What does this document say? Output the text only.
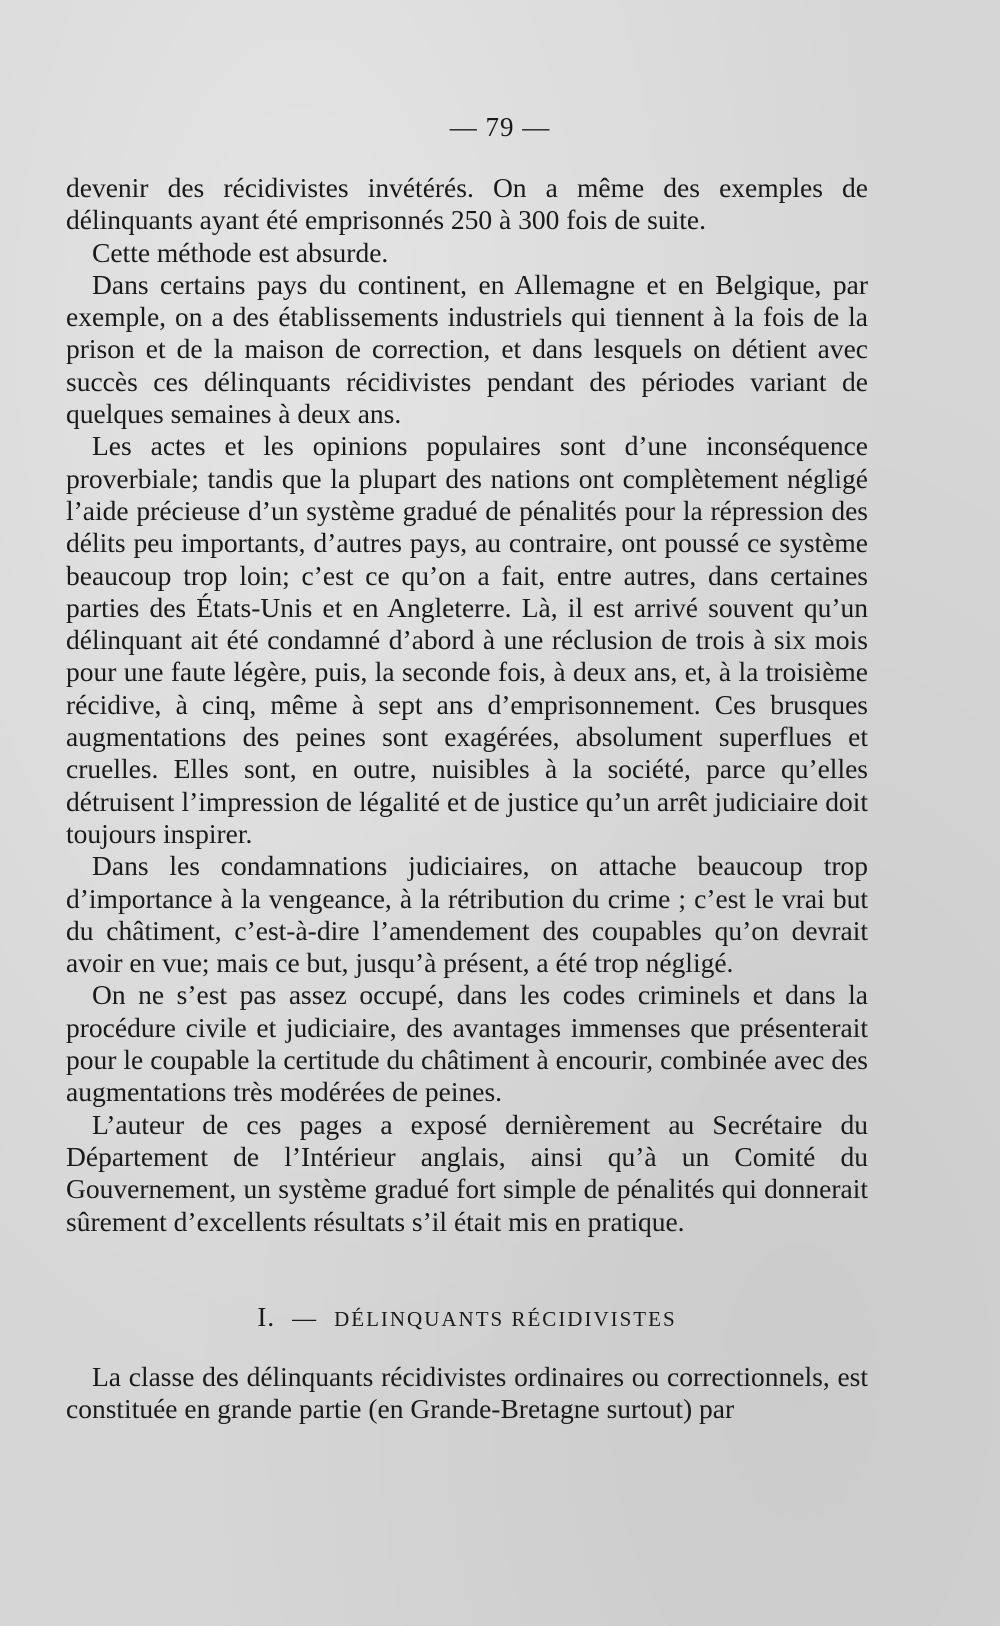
— 79 —

devenir des récidivistes invétérés. On a même des exemples de délinquants ayant été emprisonnés 250 à 300 fois de suite.

Cette méthode est absurde.

Dans certains pays du continent, en Allemagne et en Belgique, par exemple, on a des établissements industriels qui tiennent à la fois de la prison et de la maison de correction, et dans lesquels on détient avec succès ces délinquants récidivistes pendant des périodes variant de quelques semaines à deux ans.

Les actes et les opinions populaires sont d’une inconséquence proverbiale; tandis que la plupart des nations ont complètement négligé l’aide précieuse d’un système gradué de pénalités pour la répression des délits peu importants, d’autres pays, au contraire, ont poussé ce système beaucoup trop loin; c’est ce qu’on a fait, entre autres, dans certaines parties des États-Unis et en Angleterre. Là, il est arrivé souvent qu’un délinquant ait été condamné d’abord à une réclusion de trois à six mois pour une faute légère, puis, la seconde fois, à deux ans, et, à la troisième récidive, à cinq, même à sept ans d’emprisonnement. Ces brusques augmentations des peines sont exagérées, absolument superflues et cruelles. Elles sont, en outre, nuisibles à la société, parce qu’elles détruisent l’impression de légalité et de justice qu’un arrêt judiciaire doit toujours inspirer.

Dans les condamnations judiciaires, on attache beaucoup trop d’importance à la vengeance, à la rétribution du crime ; c’est le vrai but du châtiment, c’est-à-dire l’amendement des coupables qu’on devrait avoir en vue; mais ce but, jusqu’à présent, a été trop négligé.

On ne s’est pas assez occupé, dans les codes criminels et dans la procédure civile et judiciaire, des avantages immenses que présenterait pour le coupable la certitude du châtiment à encourir, combinée avec des augmentations très modérées de peines.

L’auteur de ces pages a exposé dernièrement au Secrétaire du Département de l’Intérieur anglais, ainsi qu’à un Comité du Gouvernement, un système gradué fort simple de pénalités qui donnerait sûrement d’excellents résultats s’il était mis en pratique.

I. — DÉLINQUANTS RÉCIDIVISTES

La classe des délinquants récidivistes ordinaires ou correctionnels, est constituée en grande partie (en Grande-Bretagne surtout) par
